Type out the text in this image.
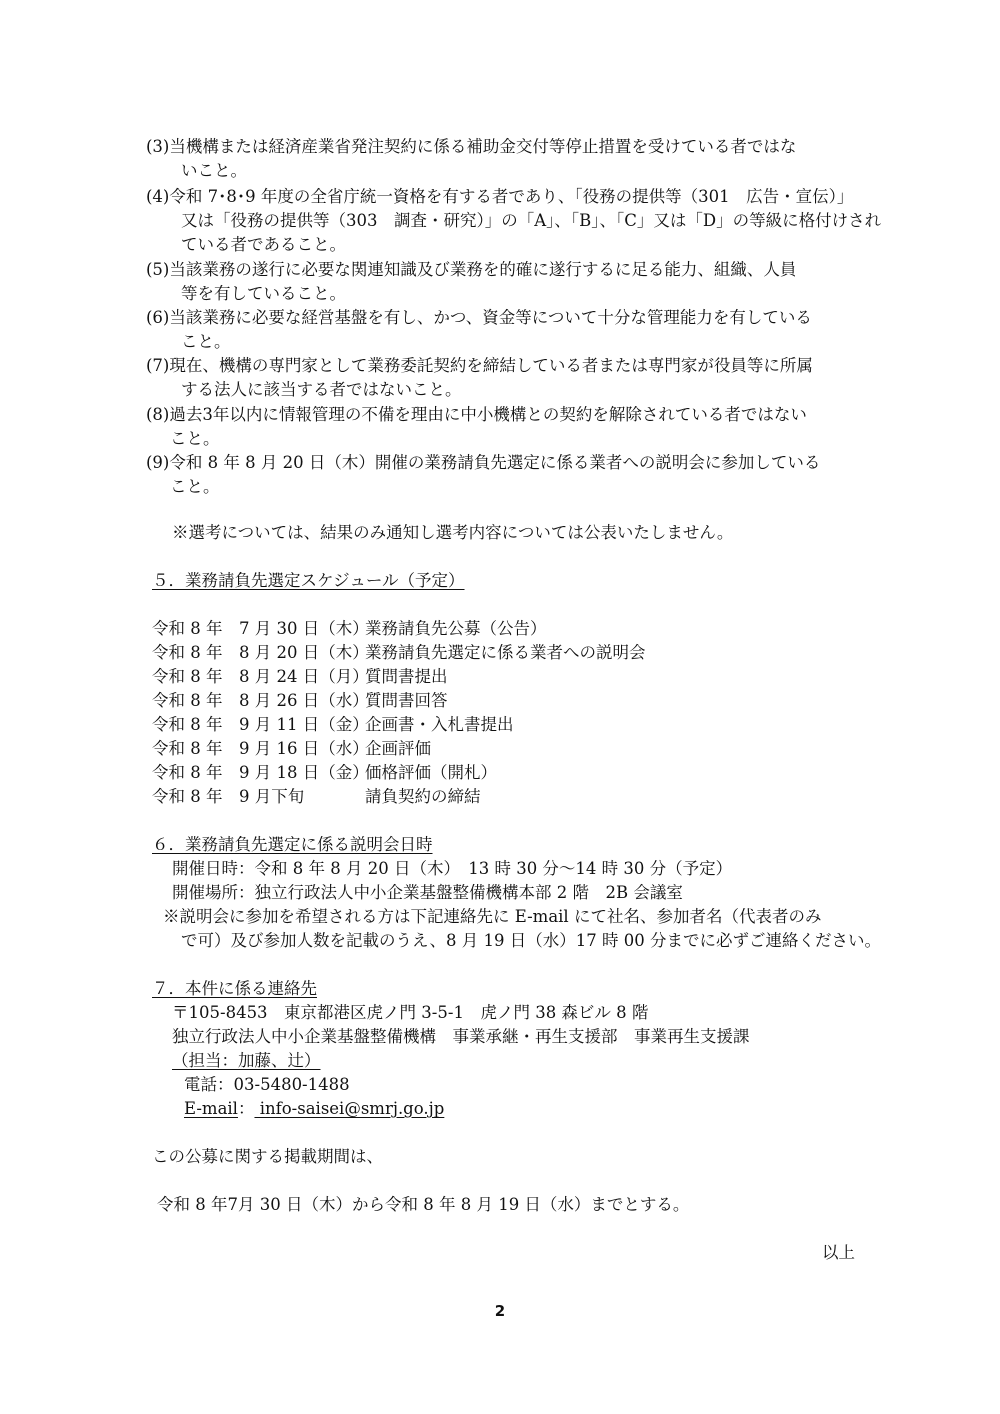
(3)当機構または経済産業省発注契約に係る補助金交付等停止措置を受けている者ではな
いこと。
(4)令和 7･8･9 年度の全省庁統一資格を有する者であり、「役務の提供等（301　広告・宣伝）」
又は「役務の提供等（303　調査・研究）」の「A」、「B」、「C」又は「D」の等級に格付けされ
ている者であること。
(5)当該業務の遂行に必要な関連知識及び業務を的確に遂行するに足る能力、組織、人員
等を有していること。
(6)当該業務に必要な経営基盤を有し、かつ、資金等について十分な管理能力を有している
こと。
(7)現在、機構の専門家として業務委託契約を締結している者または専門家が役員等に所属
する法人に該当する者ではないこと。
(8)過去3年以内に情報管理の不備を理由に中小機構との契約を解除されている者ではない
こと。
(9)令和 8 年 8 月 20 日（木）開催の業務請負先選定に係る業者への説明会に参加している
こと。
※選考については、結果のみ通知し選考内容については公表いたしません。
５．業務請負先選定スケジュール（予定）
令和 8 年　7 月 30 日（木）業務請負先公募（公告）
令和 8 年　8 月 20 日（木）業務請負先選定に係る業者への説明会
令和 8 年　8 月 24 日（月）質問書提出
令和 8 年　8 月 26 日（水）質問書回答
令和 8 年　9 月 11 日（金）企画書・入札書提出
令和 8 年　9 月 16 日（水）企画評価
令和 8 年　9 月 18 日（金）価格評価（開札）
令和 8 年　9 月下旬	請負契約の締結
６．業務請負先選定に係る説明会日時
開催日時：令和 8 年 8 月 20 日（木）　13 時 30 分～14 時 30 分（予定）
開催場所：独立行政法人中小企業基盤整備機構本部 2 階　2B 会議室
※説明会に参加を希望される方は下記連絡先に E-mail にて社名、参加者名（代表者のみ
で可）及び参加人数を記載のうえ、8 月 19 日（水）17 時 00 分までに必ずご連絡ください。
７．本件に係る連絡先
〒105-8453　東京都港区虎ノ門 3-5-1　虎ノ門 38 森ビル 8 階
独立行政法人中小企業基盤整備機構　事業承継・再生支援部　事業再生支援課
（担当：加藤、辻）
電話：03-5480-1488
E-mail： info-saisei@smrj.go.jp
この公募に関する掲載期間は、
令和 8 年7月 30 日（木）から令和 8 年 8 月 19 日（水）までとする。
以上
2
